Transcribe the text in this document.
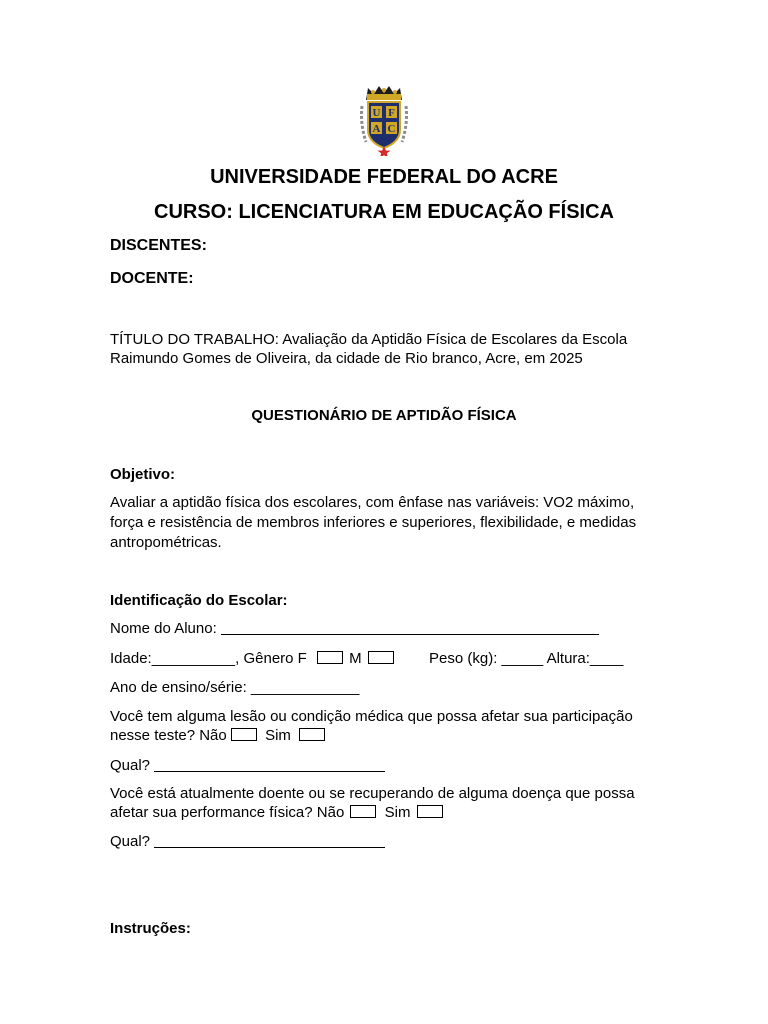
U F
A C
UNIVERSIDADE FEDERAL DO ACRE
CURSO: LICENCIATURA EM EDUCAÇÃO FÍSICA
DISCENTES:
DOCENTE:
TÍTULO DO TRABALHO: Avaliação da Aptidão Física de Escolares da Escola
Raimundo Gomes de Oliveira, da cidade de Rio branco, Acre, em 2025
QUESTIONÁRIO DE APTIDÃO FÍSICA
Objetivo:
Avaliar a aptidão física dos escolares, com ênfase nas variáveis: VO2 máximo,
força e resistência de membros inferiores e superiores, flexibilidade, e medidas
antropométricas.
Identificação do Escolar:
Nome do Aluno:
Idade:__________, Gênero F	M	Peso (kg): _____ Altura:____
Ano de ensino/série: _____________
Você tem alguma lesão ou condição médica que possa afetar sua participação
nesse teste? Não	Sim
Qual?
Você está atualmente doente ou se recuperando de alguma doença que possa
afetar sua performance física? Não	Sim
Qual?
Instruções:
